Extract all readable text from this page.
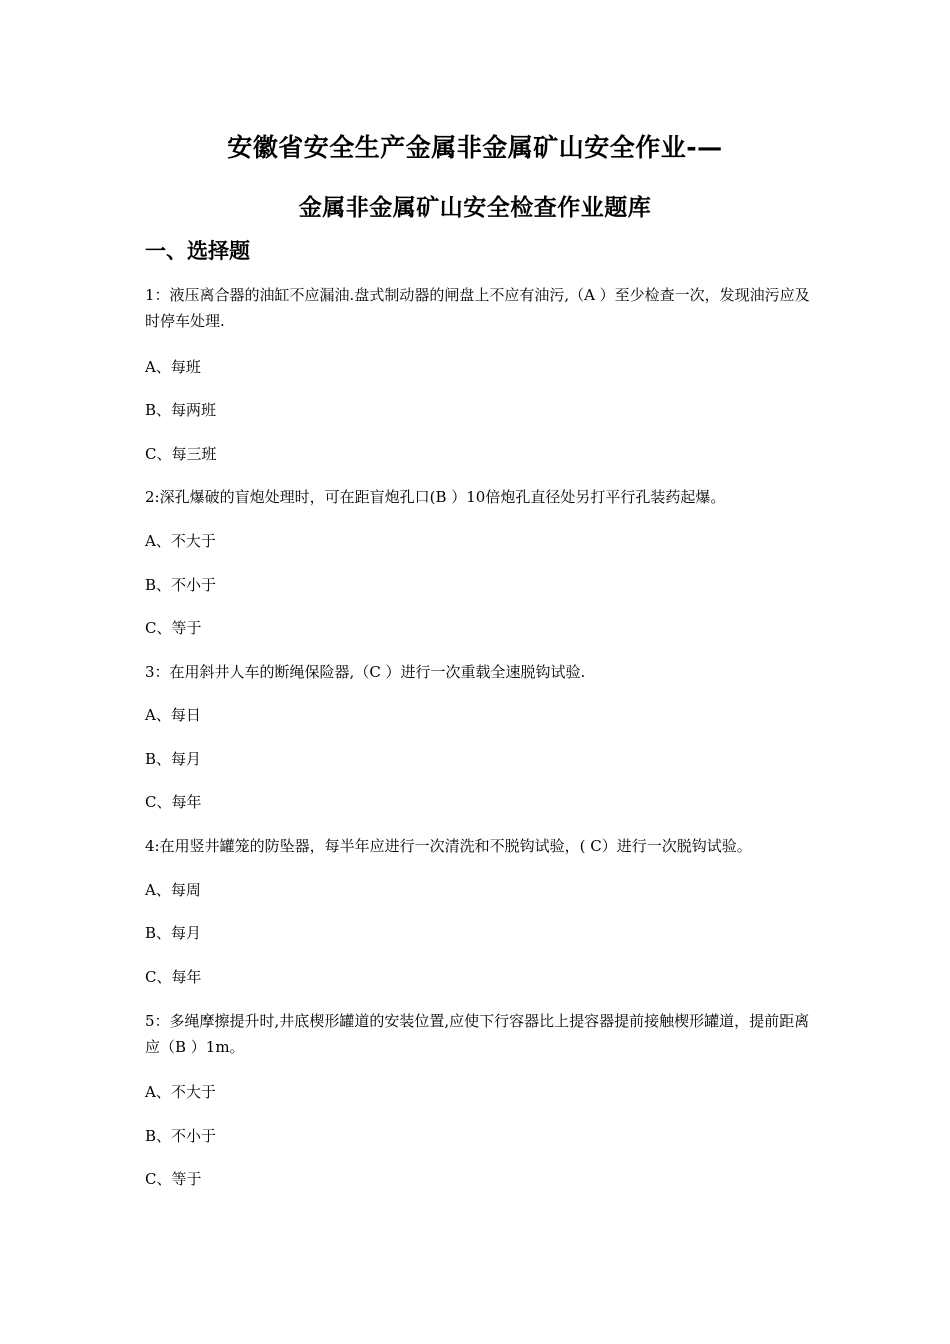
安徽省安全生产金属非金属矿山安全作业-—
金属非金属矿山安全检查作业题库
一、选择题
1：液压离合器的油缸不应漏油.盘式制动器的闸盘上不应有油污,（A ）至少检查一次，发现油污应及时停车处理.
A、每班
B、每两班
C、每三班
2:深孔爆破的盲炮处理时，可在距盲炮孔口(B ）10倍炮孔直径处另打平行孔装药起爆。
A、不大于
B、不小于
C、等于
3：在用斜井人车的断绳保险器,（C ）进行一次重载全速脱钩试验.
A、每日
B、每月
C、每年
4:在用竖井罐笼的防坠器，每半年应进行一次清洗和不脱钩试验，( C）进行一次脱钩试验。
A、每周
B、每月
C、每年
5：多绳摩擦提升时,井底楔形罐道的安装位置,应使下行容器比上提容器提前接触楔形罐道，提前距离应（B ）1m。
A、不大于
B、不小于
C、等于
